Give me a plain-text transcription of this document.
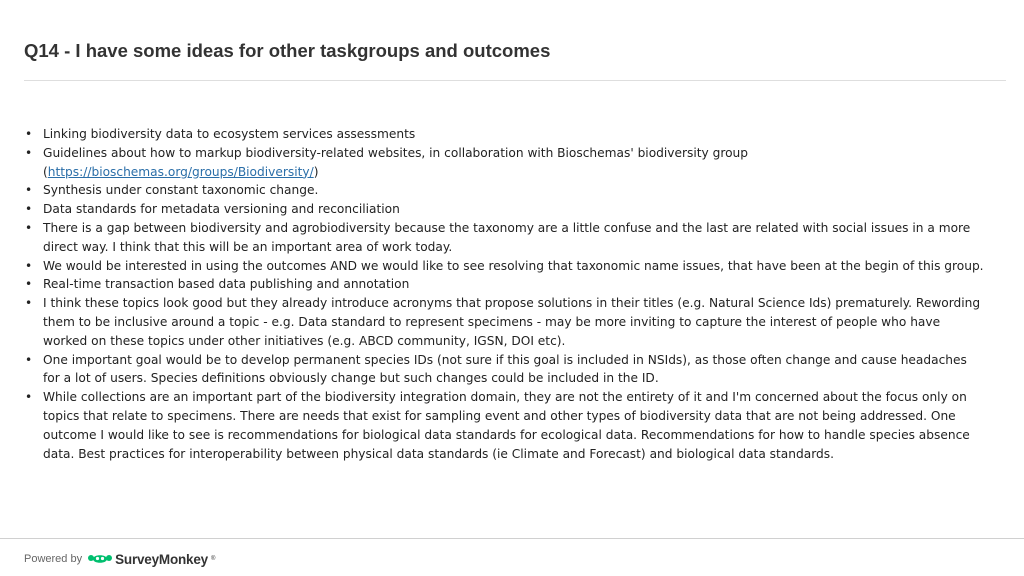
Q14 - I have some ideas for other taskgroups and outcomes
• Linking biodiversity data to ecosystem services assessments
• Guidelines about how to markup biodiversity-related websites, in collaboration with Bioschemas' biodiversity group (https://bioschemas.org/groups/Biodiversity/)
• Synthesis under constant taxonomic change.
• Data standards for metadata versioning and reconciliation
• There is a gap between biodiversity and agrobiodiversity because the taxonomy are a little confuse and the last are related with social issues in a more direct way. I think that this will be an important area of work today.
• We would be interested in using the outcomes AND we would like to see resolving that taxonomic name issues, that have been at the begin of this group.
• Real-time transaction based data publishing and annotation
• I think these topics look good but they already introduce acronyms that propose solutions in their titles (e.g. Natural Science Ids) prematurely. Rewording them to be inclusive around a topic - e.g. Data standard to represent specimens - may be more inviting to capture the interest of people who have worked on these topics under other initiatives (e.g. ABCD community, IGSN, DOI etc).
• One important goal would be to develop permanent species IDs (not sure if this goal is included in NSIds), as those often change and cause headaches for a lot of users. Species definitions obviously change but such changes could be included in the ID.
• While collections are an important part of the biodiversity integration domain, they are not the entirety of it and I'm concerned about the focus only on topics that relate to specimens. There are needs that exist for sampling event and other types of biodiversity data that are not being addressed. One outcome I would like to see is recommendations for biological data standards for ecological data. Recommendations for how to handle species absence data. Best practices for interoperability between physical data standards (ie Climate and Forecast) and biological data standards.
Powered by SurveyMonkey ®
